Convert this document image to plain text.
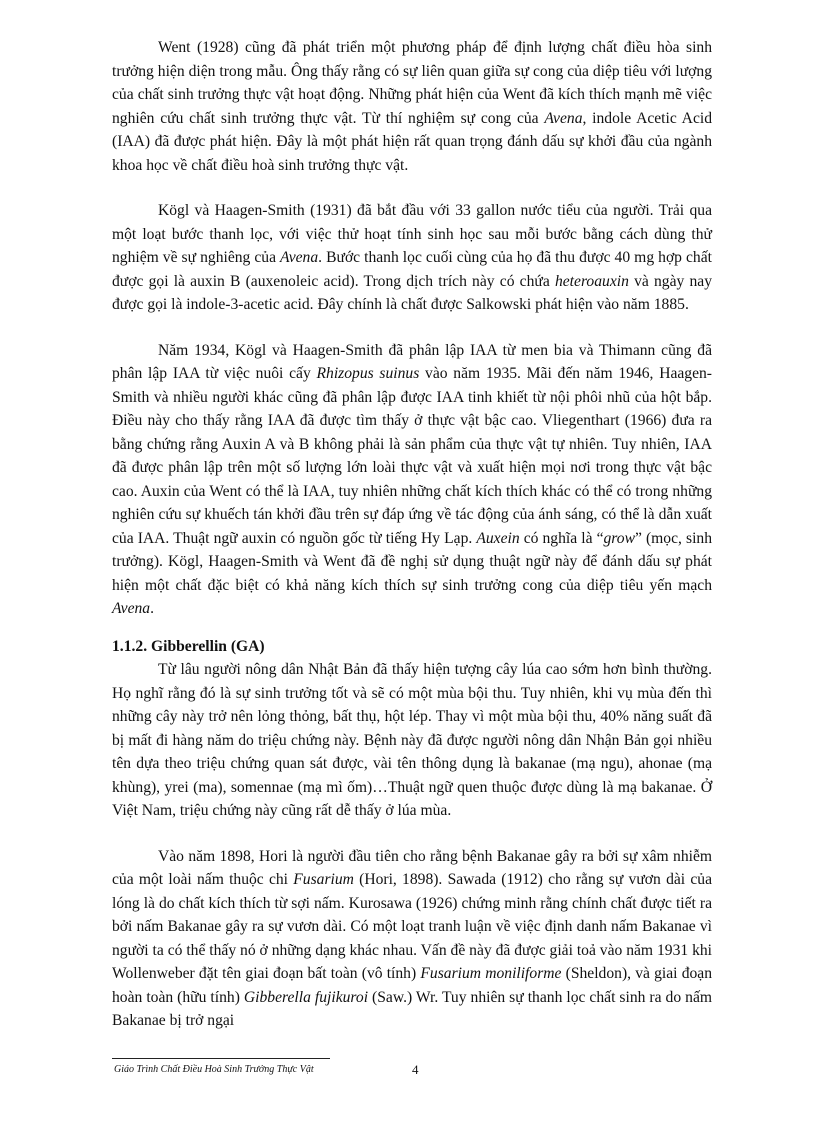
Went (1928) cũng đã phát triển một phương pháp để định lượng chất điều hòa sinh trưởng hiện diện trong mẫu. Ông thấy rằng có sự liên quan giữa sự cong của diệp tiêu với lượng của chất sinh trưởng thực vật hoạt động. Những phát hiện của Went đã kích thích mạnh mẽ việc nghiên cứu chất sinh trưởng thực vật. Từ thí nghiệm sự cong của Avena, indole Acetic Acid (IAA) đã được phát hiện. Đây là một phát hiện rất quan trọng đánh dấu sự khởi đầu của ngành khoa học về chất điều hoà sinh trưởng thực vật.

Kögl và Haagen-Smith (1931) đã bắt đầu với 33 gallon nước tiểu của người. Trải qua một loạt bước thanh lọc, với việc thử hoạt tính sinh học sau mỗi bước bằng cách dùng thử nghiệm về sự nghiêng của Avena. Bước thanh lọc cuối cùng của họ đã thu được 40 mg hợp chất được gọi là auxin B (auxenoleic acid). Trong dịch trích này có chứa heteroauxin và ngày nay được gọi là indole-3-acetic acid. Đây chính là chất được Salkowski phát hiện vào năm 1885.

Năm 1934, Kögl và Haagen-Smith đã phân lập IAA từ men bia và Thimann cũng đã phân lập IAA từ việc nuôi cấy Rhizopus suinus vào năm 1935. Mãi đến năm 1946, Haagen-Smith và nhiều người khác cũng đã phân lập được IAA tinh khiết từ nội phôi nhũ của hột bắp. Điều này cho thấy rằng IAA đã được tìm thấy ở thực vật bậc cao. Vliegenthart (1966) đưa ra bằng chứng rằng Auxin A và B không phải là sản phẩm của thực vật tự nhiên. Tuy nhiên, IAA đã được phân lập trên một số lượng lớn loài thực vật và xuất hiện mọi nơi trong thực vật bậc cao. Auxin của Went có thể là IAA, tuy nhiên những chất kích thích khác có thể có trong những nghiên cứu sự khuếch tán khởi đầu trên sự đáp ứng về tác động của ánh sáng, có thể là dẫn xuất của IAA. Thuật ngữ auxin có nguồn gốc từ tiếng Hy Lạp. Auxein có nghĩa là “grow” (mọc, sinh trưởng). Kögl, Haagen-Smith và Went đã đề nghị sử dụng thuật ngữ này để đánh dấu sự phát hiện một chất đặc biệt có khả năng kích thích sự sinh trưởng cong của diệp tiêu yến mạch Avena.

1.1.2. Gibberellin (GA)

Từ lâu người nông dân Nhật Bản đã thấy hiện tượng cây lúa cao sớm hơn bình thường. Họ nghĩ rằng đó là sự sinh trưởng tốt và sẽ có một mùa bội thu. Tuy nhiên, khi vụ mùa đến thì những cây này trở nên lỏng thỏng, bất thụ, hột lép. Thay vì một mùa bội thu, 40% năng suất đã bị mất đi hàng năm do triệu chứng này. Bệnh này đã được người nông dân Nhận Bản gọi nhiều tên dựa theo triệu chứng quan sát được, vài tên thông dụng là bakanae (mạ ngu), ahonae (mạ khùng), yrei (ma), somennae (mạ mì ốm)…Thuật ngữ quen thuộc được dùng là mạ bakanae. Ở Việt Nam, triệu chứng này cũng rất dễ thấy ở lúa mùa.

Vào năm 1898, Hori là người đầu tiên cho rằng bệnh Bakanae gây ra bởi sự xâm nhiễm của một loài nấm thuộc chi Fusarium (Hori, 1898). Sawada (1912) cho rằng sự vươn dài của lóng là do chất kích thích từ sợi nấm. Kurosawa (1926) chứng minh rằng chính chất được tiết ra bởi nấm Bakanae gây ra sự vươn dài. Có một loạt tranh luận về việc định danh nấm Bakanae vì người ta có thể thấy nó ở những dạng khác nhau. Vấn đề này đã được giải toả vào năm 1931 khi Wollenweber đặt tên giai đoạn bất toàn (vô tính) Fusarium moniliforme (Sheldon), và giai đoạn hoàn toàn (hữu tính) Gibberella fujikuroi (Saw.) Wr. Tuy nhiên sự thanh lọc chất sinh ra do nấm Bakanae bị trở ngại

Giáo Trình Chất Điều Hoà Sinh Trưởng Thực Vật	4
